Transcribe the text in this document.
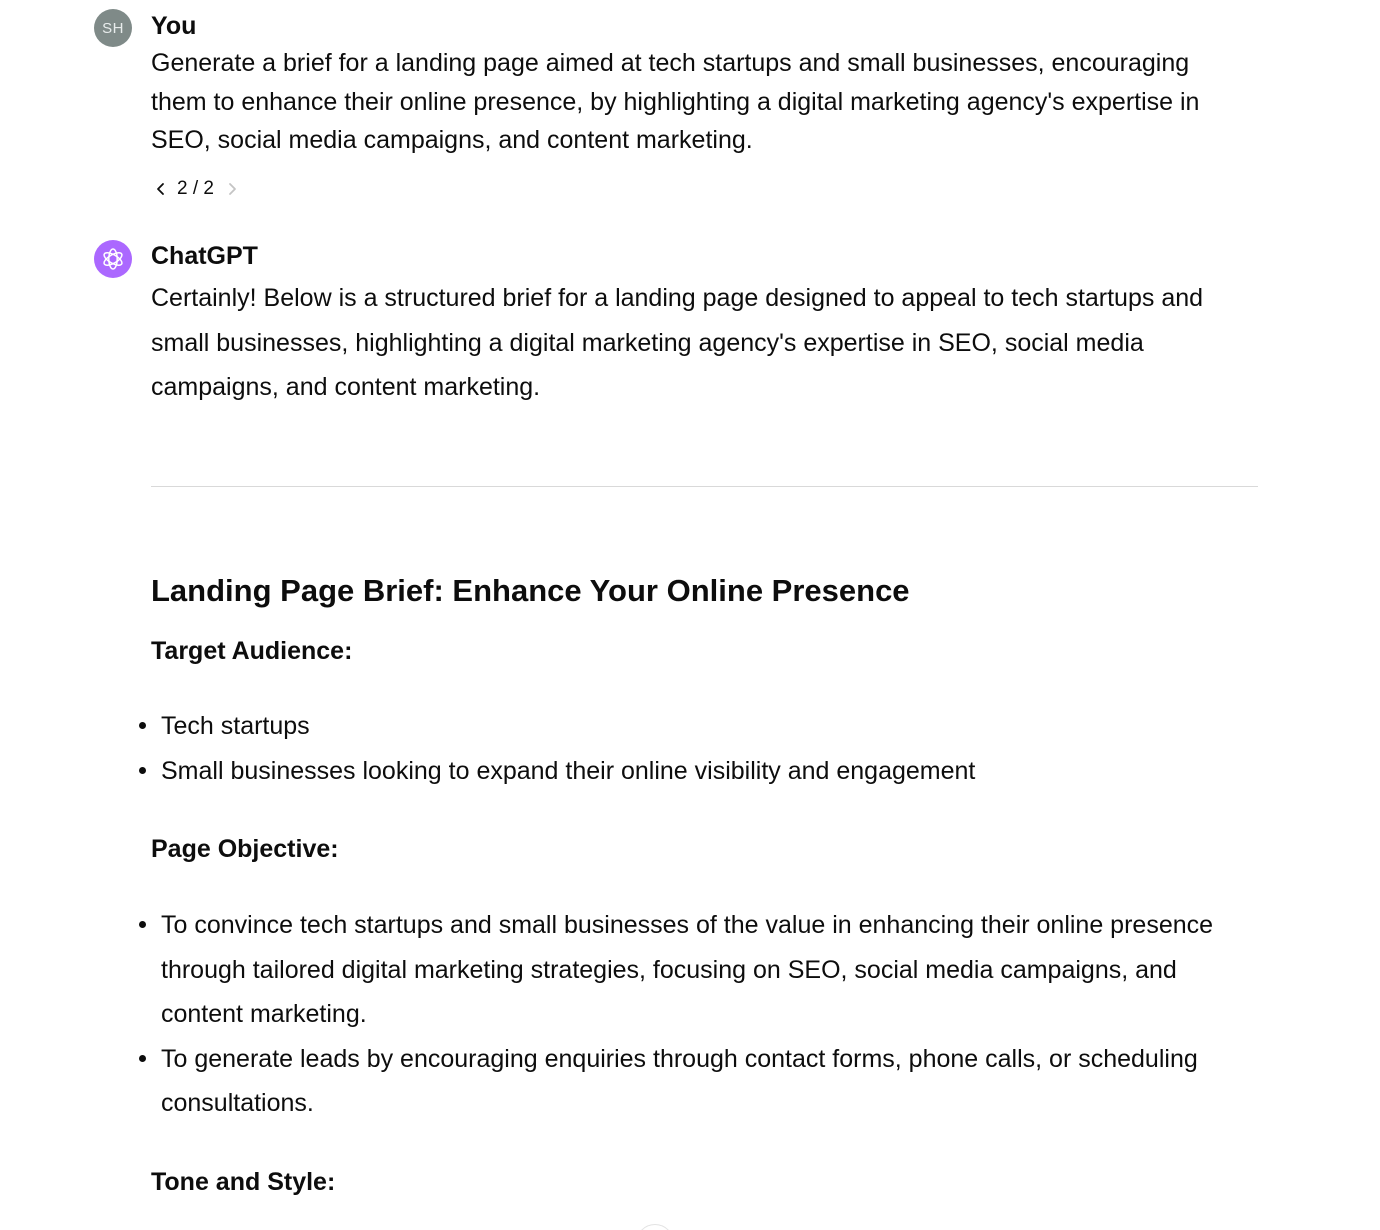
SH You
Generate a brief for a landing page aimed at tech startups and small businesses, encouraging
them to enhance their online presence, by highlighting a digital marketing agency's expertise in
SEO, social media campaigns, and content marketing.
2 / 2
ChatGPT
Certainly! Below is a structured brief for a landing page designed to appeal to tech startups and
small businesses, highlighting a digital marketing agency's expertise in SEO, social media
campaigns, and content marketing.
Landing Page Brief: Enhance Your Online Presence
Target Audience:
Tech startups
Small businesses looking to expand their online visibility and engagement
Page Objective:
To convince tech startups and small businesses of the value in enhancing their online presence
through tailored digital marketing strategies, focusing on SEO, social media campaigns, and
content marketing.
To generate leads by encouraging enquiries through contact forms, phone calls, or scheduling
consultations.
Tone and Style:
